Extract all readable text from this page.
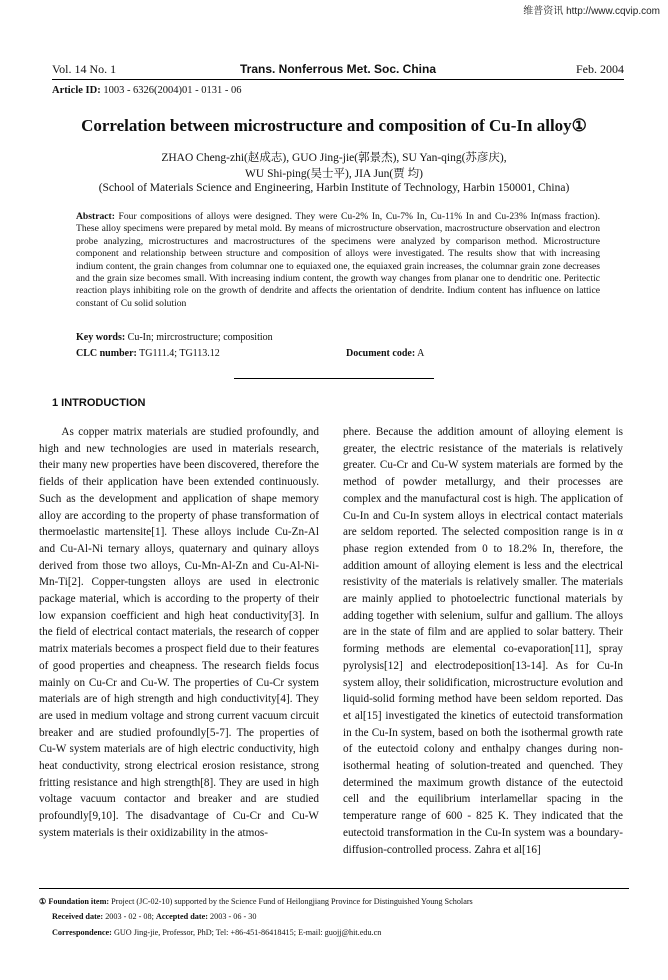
维普资讯 http://www.cqvip.com
Vol. 14 No. 1	Trans. Nonferrous Met. Soc. China	Feb. 2004
Article ID: 1003 - 6326(2004)01 - 0131 - 06
Correlation between microstructure and composition of Cu-In alloy①
ZHAO Cheng-zhi(赵成志), GUO Jing-jie(郭景杰), SU Yan-qing(苏彦庆),
WU Shi-ping(吴士平), JIA Jun(贾 均)
(School of Materials Science and Engineering, Harbin Institute of Technology, Harbin 150001, China)
Abstract: Four compositions of alloys were designed. They were Cu-2% In, Cu-7% In, Cu-11% In and Cu-23% In(mass fraction). These alloy specimens were prepared by metal mold. By means of microstructure observation, macrostructure observation and electron probe analyzing, microstructures and macrostructures of the specimens were analyzed by comparison method. Microstructure component and relationship between structure and composition of alloys were investigated. The results show that with increasing indium content, the grain changes from columnar one to equiaxed one, the equiaxed grain increases, the columnar grain zone decreases and the grain size becomes small. With increasing indium content, the growth way changes from planar one to dendritic one. Peritectic reaction plays inhibiting role on the growth of dendrite and affects the orientation of dendrite. Indium content has influence on lattice constant of Cu solid solution
Key words: Cu-In; mircrostructure; composition
CLC number: TG111.4; TG113.12	Document code: A
1 INTRODUCTION
As copper matrix materials are studied profoundly, and high and new technologies are used in materials research, their many new properties have been discovered, therefore the fields of their application have been extended continuously. Such as the development and application of shape memory alloy are according to the property of phase transformation of thermoelastic martensite[1]. These alloys include Cu-Zn-Al and Cu-Al-Ni ternary alloys, quaternary and quinary alloys derived from those two alloys, Cu-Mn-Al-Zn and Cu-Al-Ni-Mn-Ti[2]. Copper-tungsten alloys are used in electronic package material, which is according to the property of their low expansion coefficient and high heat conductivity[3]. In the field of electrical contact materials, the research of copper matrix materials becomes a prospect field due to their features of good properties and cheapness. The research fields focus mainly on Cu-Cr and Cu-W. The properties of Cu-Cr system materials are of high strength and high conductivity[4]. They are used in medium voltage and strong current vacuum circuit breaker and are studied profoundly[5-7]. The properties of Cu-W system materials are of high electric conductivity, high heat conductivity, strong electrical erosion resistance, strong fritting resistance and high strength[8]. They are used in high voltage vacuum contactor and breaker and are studied profoundly[9,10]. The disadvantage of Cu-Cr and Cu-W system materials is their oxidizability in the atmos-
phere. Because the addition amount of alloying element is greater, the electric resistance of the materials is relatively greater. Cu-Cr and Cu-W system materials are formed by the method of powder metallurgy, and their processes are complex and the manufactural cost is high. The application of Cu-In and Cu-In system alloys in electrical contact materials are seldom reported. The selected composition range is in α phase region extended from 0 to 18.2% In, therefore, the addition amount of alloying element is less and the electrical resistivity of the materials is relatively smaller. The materials are mainly applied to photoelectric functional materials by adding together with selenium, sulfur and gallium. The alloys are in the state of film and are applied to solar battery. Their forming methods are elemental co-evaporation[11], spray pyrolysis[12] and electrodeposition[13-14]. As for Cu-In system alloy, their solidification, microstructure evolution and liquid-solid forming method have been seldom reported. Das et al[15] investigated the kinetics of eutectoid transformation in the Cu-In system, based on both the isothermal growth rate of the eutectoid colony and enthalpy changes during non-isothermal heating of solution-treated and quenched. They determined the maximum growth distance of the eutectoid cell and the equilibrium interlamellar spacing in the temperature range of 600 - 825 K. They indicated that the eutectoid transformation in the Cu-In system was a boundary-diffusion-controlled process. Zahra et al[16]
① Foundation item: Project (JC-02-10) supported by the Science Fund of Heilongjiang Province for Distinguished Young Scholars
Received date: 2003 - 02 - 08; Accepted date: 2003 - 06 - 30
Correspondence: GUO Jing-jie, Professor, PhD; Tel: +86-451-86418415; E-mail: guojj@hit.edu.cn
